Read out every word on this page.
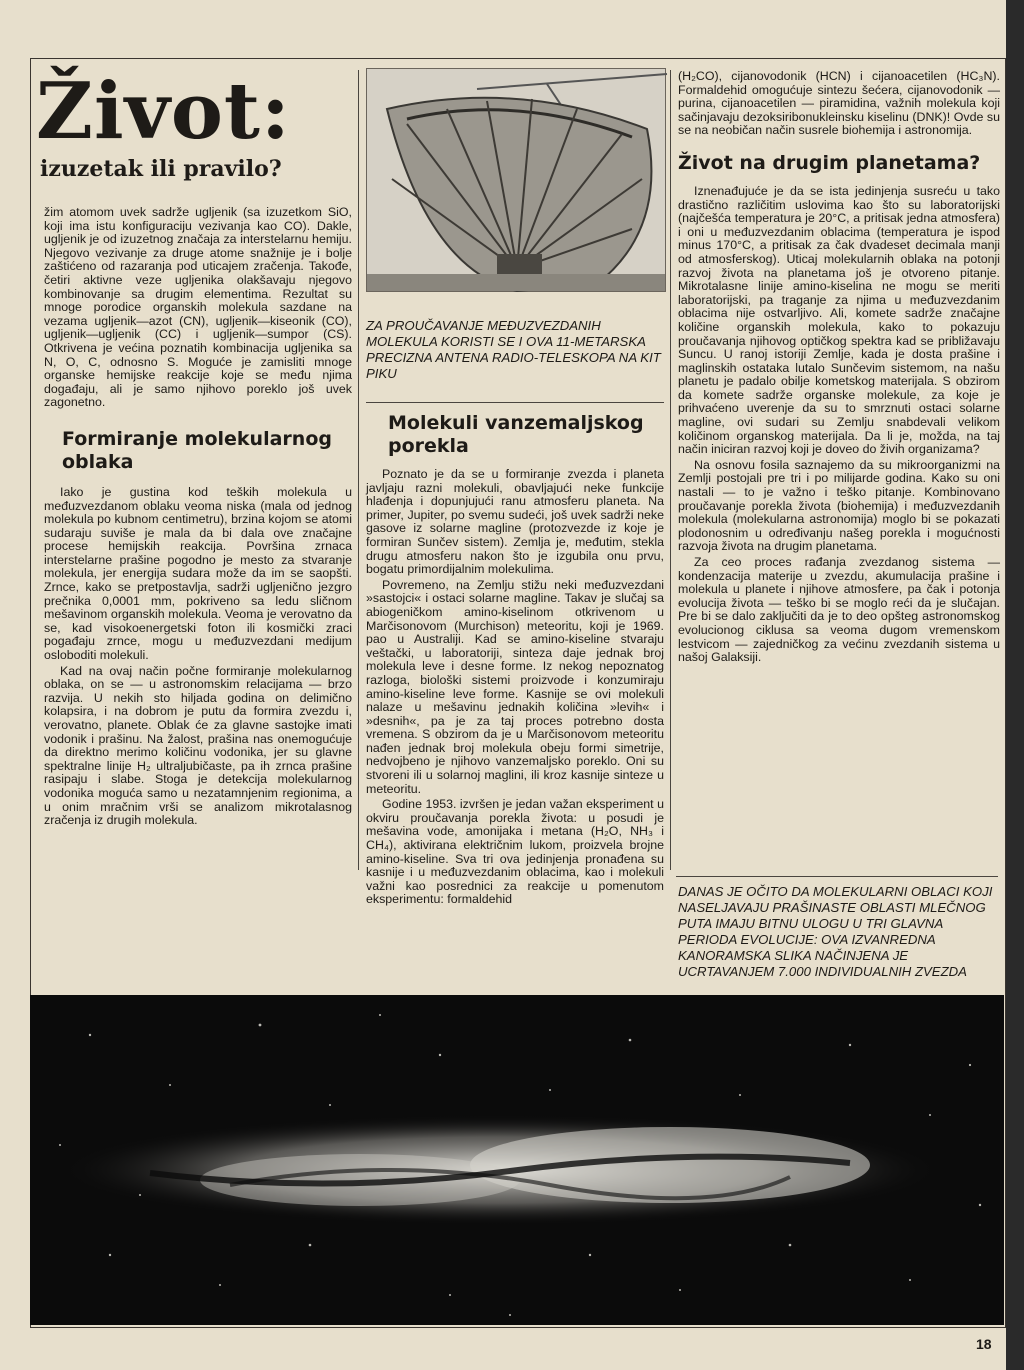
Život:
izuzetak ili pravilo?

žim atomom uvek sadrže ugljenik (sa izuzetkom SiO, koji ima istu konfiguraciju vezivanja kao CO). Dakle, ugljenik je od izuzetnog značaja za interstelarnu hemiju. Njegovo vezivanje za druge atome snažnije je i bolje zaštićeno od razaranja pod uticajem zračenja. Takođe, četiri aktivne veze ugljenika olakšavaju njegovo kombinovanje sa drugim elementima. Rezultat su mnoge porodice organskih molekula sazdane na vezama ugljenik—azot (CN), ugljenik—kiseonik (CO), ugljenik—ugljenik (CC) i ugljenik—sumpor (CS). Otkrivena je većina poznatih kombinacija ugljenika sa N, O, C, odnosno S. Moguće je zamisliti mnoge organske hemijske reakcije koje se među njima događaju, ali je samo njihovo poreklo još uvek zagonetno.

Formiranje molekularnog oblaka

Iako je gustina kod teških molekula u međuzvezdanom oblaku veoma niska (mala od jednog molekula po kubnom centimetru), brzina kojom se atomi sudaraju suviše je mala da bi dala ove značajne procese hemijskih reakcija. Površina zrnaca interstelarne prašine pogodno je mesto za stvaranje molekula, jer energija sudara može da im se saopšti. Zrnce, kako se pretpostavlja, sadrži ugljenično jezgro prečnika 0,0001 mm, pokriveno sa ledu sličnom mešavinom organskih molekula. Veoma je verovatno da se, kad visokoenergetski foton ili kosmički zraci pogađaju zrnce, mogu u međuzvezdani medijum osloboditi molekuli.

Kad na ovaj način počne formiranje molekularnog oblaka, on se — u astronomskim relacijama — brzo razvija. U nekih sto hiljada godina on delimično kolapsira, i na dobrom je putu da formira zvezdu i, verovatno, planete. Oblak će za glavne sastojke imati vodonik i prašinu. Na žalost, prašina nas onemogućuje da direktno merimo količinu vodonika, jer su glavne spektralne linije H₂ ultraljubičaste, pa ih zrnca prašine rasipaju i slabe. Stoga je detekcija molekularnog vodonika moguća samo u nezatamnjenim regionima, a u onim mračnim vrši se analizom mikrotalasnog zračenja iz drugih molekula.

ZA PROUČAVANJE MEĐUZVEZDANIH MOLEKULA KORISTI SE I OVA 11-METARSKA PRECIZNA ANTENA RADIO-TELESKOPA NA KIT PIKU

Molekuli vanzemaljskog porekla

Poznato je da se u formiranje zvezda i planeta javljaju razni molekuli, obavljajući neke funkcije hlađenja i dopunjujući ranu atmosferu planeta. Na primer, Jupiter, po svemu sudeći, još uvek sadrži neke gasove iz solarne magline (protozvezde iz koje je formiran Sunčev sistem). Zemlja je, međutim, stekla drugu atmosferu nakon što je izgubila onu prvu, bogatu primordijalnim molekulima.

Povremeno, na Zemlju stižu neki međuzvezdani »sastojci« i ostaci solarne magline. Takav je slučaj sa abiogeničkom amino-kiselinom otkrivenom u Marčisonovom (Murchison) meteoritu, koji je 1969. pao u Australiji. Kad se amino-kiseline stvaraju veštački, u laboratoriji, sinteza daje jednak broj molekula leve i desne forme. Iz nekog nepoznatog razloga, biološki sistemi proizvode i konzumiraju amino-kiseline leve forme. Kasnije se ovi molekuli nalaze u mešavinu jednakih količina »levih« i »desnih«, pa je za taj proces potrebno dosta vremena. S obzirom da je u Marčisonovom meteoritu nađen jednak broj molekula obeju formi simetrije, nedvojbeno je njihovo vanzemaljsko poreklo. Oni su stvoreni ili u solarnoj maglini, ili kroz kasnije sinteze u meteoritu.

Godine 1953. izvršen je jedan važan eksperiment u okviru proučavanja porekla života: u posudi je mešavina vode, amonijaka i metana (H₂O, NH₃ i CH₄), aktivirana električnim lukom, proizvela brojne amino-kiseline. Sva tri ova jedinjenja pronađena su kasnije i u međuzvezdanim oblacima, kao i molekuli važni kao posrednici za reakcije u pomenutom eksperimentu: formaldehid

(H₂CO), cijanovodonik (HCN) i cijanoacetilen (HC₃N). Formaldehid omogućuje sintezu šećera, cijanovodonik — purina, cijanoacetilen — piramidina, važnih molekula koji sačinjavaju dezoksiribonukleinsku kiselinu (DNK)! Ovde su se na neobičan način susrele biohemija i astronomija.

Život na drugim planetama?

Iznenađujuće je da se ista jedinjenja susreću u tako drastično različitim uslovima kao što su laboratorijski (najčešća temperatura je 20°C, a pritisak jedna atmosfera) i oni u međuzvezdanim oblacima (temperatura je ispod minus 170°C, a pritisak za čak dvadeset decimala manji od atmosferskog). Uticaj molekularnih oblaka na potonji razvoj života na planetama još je otvoreno pitanje. Mikrotalasne linije amino-kiselina ne mogu se meriti laboratorijski, pa traganje za njima u međuzvezdanim oblacima nije ostvarljivo. Ali, komete sadrže značajne količine organskih molekula, kako to pokazuju proučavanja njihovog optičkog spektra kad se približavaju Suncu. U ranoj istoriji Zemlje, kada je dosta prašine i maglinskih ostataka lutalo Sunčevim sistemom, na našu planetu je padalo obilje kometskog materijala. S obzirom da komete sadrže organske molekule, za koje je prihvaćeno uverenje da su to smrznuti ostaci solarne magline, ovi sudari su Zemlju snabdevali velikom količinom organskog materijala. Da li je, možda, na taj način iniciran razvoj koji je doveo do živih organizama?

Na osnovu fosila saznajemo da su mikroorganizmi na Zemlji postojali pre tri i po milijarde godina. Kako su oni nastali — to je važno i teško pitanje. Kombinovano proučavanje porekla života (biohemija) i međuzvezdanih molekula (molekularna astronomija) moglo bi se pokazati plodonosnim u određivanju našeg porekla i mogućnosti razvoja života na drugim planetama.

Za ceo proces rađanja zvezdanog sistema — kondenzacija materije u zvezdu, akumulacija prašine i molekula u planete i njihove atmosfere, pa čak i potonja evolucija života — teško bi se moglo reći da je slučajan. Pre bi se dalo zaključiti da je to deo opšteg astronomskog evolucionog ciklusa sa veoma dugom vremenskom lestvicom — zajedničkog za većinu zvezdanih sistema u našoj Galaksiji.

DANAS JE OČITO DA MOLEKULARNI OBLACI KOJI NASELJAVAJU PRAŠINASTE OBLASTI MLEČNOG PUTA IMAJU BITNU ULOGU U TRI GLAVNA PERIODA EVOLUCIJE: OVA IZVANREDNA KANORAMSKA SLIKA NAČINJENA JE UCRTAVANJEM 7.000 INDIVIDUALNIH ZVEZDA

18
